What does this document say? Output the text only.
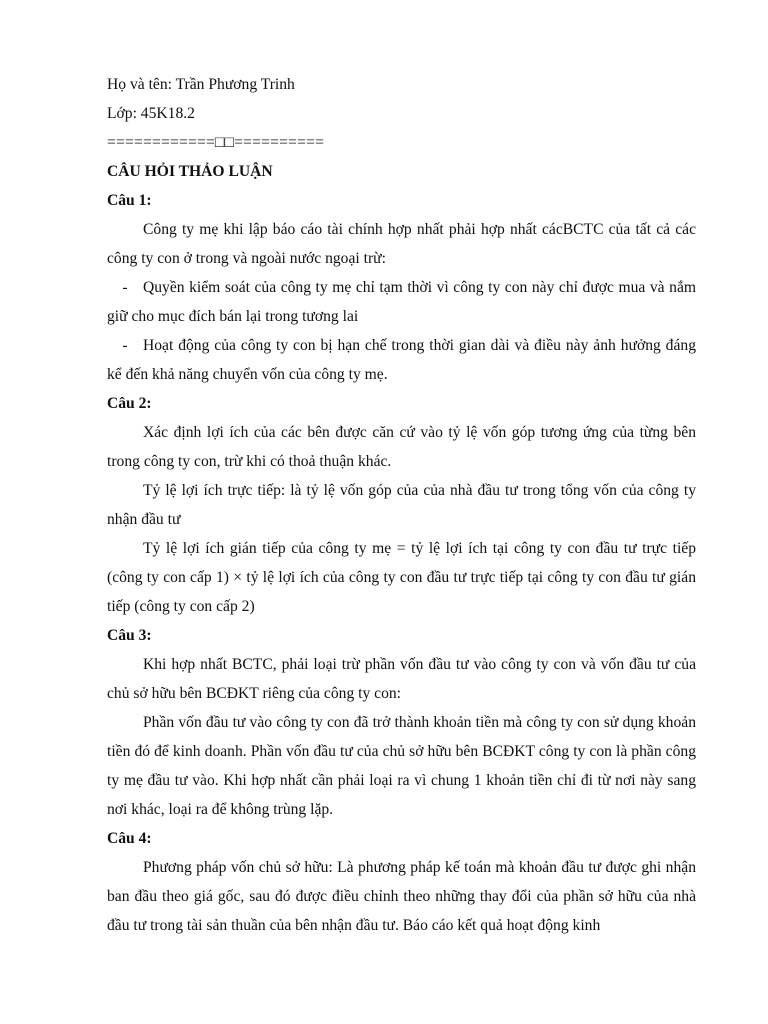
Họ và tên: Trần Phương Trinh
Lớp: 45K18.2
============□□==========
CÂU HỎI THẢO LUẬN
Câu 1:
Công ty mẹ khi lập báo cáo tài chính hợp nhất phải hợp nhất cácBCTC của tất cả các công ty con ở trong và ngoài nước ngoại trừ:
- Quyền kiểm soát của công ty mẹ chỉ tạm thời vì công ty con này chỉ được mua và nắm giữ cho mục đích bán lại trong tương lai
- Hoạt động của công ty con bị hạn chế trong thời gian dài và điều này ảnh hưởng đáng kể đến khả năng chuyển vốn của công ty mẹ.
Câu 2:
Xác định lợi ích của các bên được căn cứ vào tỷ lệ vốn góp tương ứng của từng bên trong công ty con, trừ khi có thoả thuận khác.
Tỷ lệ lợi ích trực tiếp: là tỷ lệ vốn góp của của nhà đầu tư trong tổng vốn của công ty nhận đầu tư
Tỷ lệ lợi ích gián tiếp của công ty mẹ = tỷ lệ lợi ích tại công ty con đầu tư trực tiếp (công ty con cấp 1) × tỷ lệ lợi ích của công ty con đầu tư trực tiếp tại công ty con đầu tư gián tiếp (công ty con cấp 2)
Câu 3:
Khi hợp nhất BCTC, phải loại trừ phần vốn đầu tư vào công ty con và vốn đầu tư của chủ sở hữu bên BCĐKT riêng của công ty con:
Phần vốn đầu tư vào công ty con đã trở thành khoản tiền mà công ty con sử dụng khoản tiền đó để kinh doanh. Phần vốn đầu tư của chủ sở hữu bên BCĐKT công ty con là phần công ty mẹ đầu tư vào. Khi hợp nhất cần phải loại ra vì chung 1 khoản tiền chỉ đi từ nơi này sang nơi khác, loại ra để không trùng lặp.
Câu 4:
Phương pháp vốn chủ sở hữu: Là phương pháp kế toán mà khoản đầu tư được ghi nhận ban đầu theo giá gốc, sau đó được điều chỉnh theo những thay đổi của phần sở hữu của nhà đầu tư trong tài sản thuần của bên nhận đầu tư. Báo cáo kết quả hoạt động kinh
